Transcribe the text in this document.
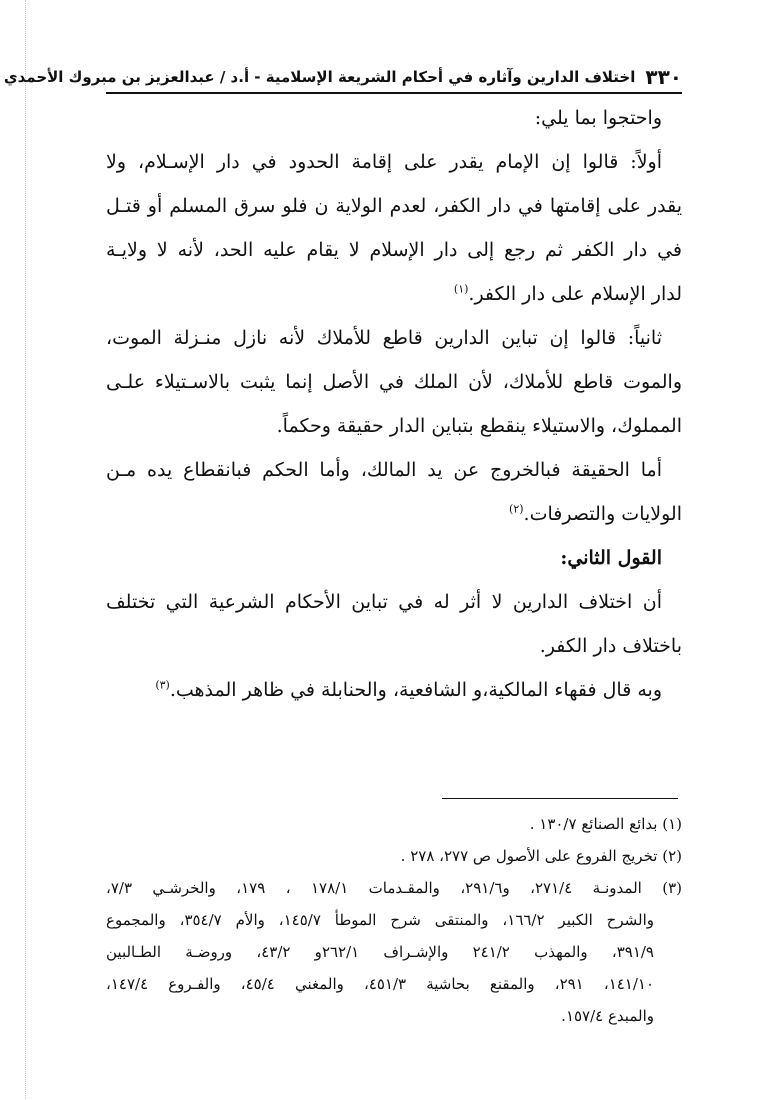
٣٣٠
اختلاف الدارين وآثاره في أحكام الشريعة الإسلامية - أ.د / عبدالعزيز بن مبروك الأحمدي

واحتجوا بما يلي:

أولاً: قالوا إن الإمام يقدر على إقامة الحدود في دار الإسـلام، ولا

يقدر على إقامتها في دار الكفر، لعدم الولاية ن فلو سرق المسلم أو قتـل

في دار الكفر ثم رجع إلى دار الإسلام لا يقام عليه الحد، لأنه لا ولايـة

لدار الإسلام على دار الكفر.$^{(١)}$

ثانياً: قالوا إن تباين الدارين قاطع للأملاك لأنه نازل منـزلة الموت،

والموت قاطع للأملاك، لأن الملك في الأصل إنما يثبت بالاسـتيلاء علـى

المملوك، والاستيلاء ينقطع بتباين الدار حقيقة وحكماً.

أما الحقيقة فبالخروج عن يد المالك، وأما الحكم فبانقطاع يده مـن

الولايات والتصرفات.$^{(٢)}$

القول الثاني:

أن اختلاف الدارين لا أثر له في تباين الأحكام الشرعية التي تختلف

باختلاف دار الكفر.

وبه قال فقهاء المالكية،و الشافعية، والحنابلة في ظاهر المذهب.$^{(٣)}$

(١) بدائع الصنائع ١٣٠/٧ .

(٢) تخريج الفروع على الأصول ص ٢٧٧، ٢٧٨ .

(٣) المدونـة ٢٧١/٤، و٢٩١/٦، والمقـدمات ١٧٨/١ ، ١٧٩، والخرشـي ٧/٣،

والشرح الكبير ١٦٦/٢، والمنتقى شرح الموطأ ١٤٥/٧، والأم ٣٥٤/٧، والمجموع

٣٩١/٩، والمهذب ٢٤١/٢ والإشـراف ٢٦٢/١و ٤٣/٢، وروضـة الطـالبين

١٤١/١٠، ٢٩١، والمقنع بحاشية ٤٥١/٣، والمغني ٤٥/٤، والفـروع ١٤٧/٤،

والمبدع ١٥٧/٤.
